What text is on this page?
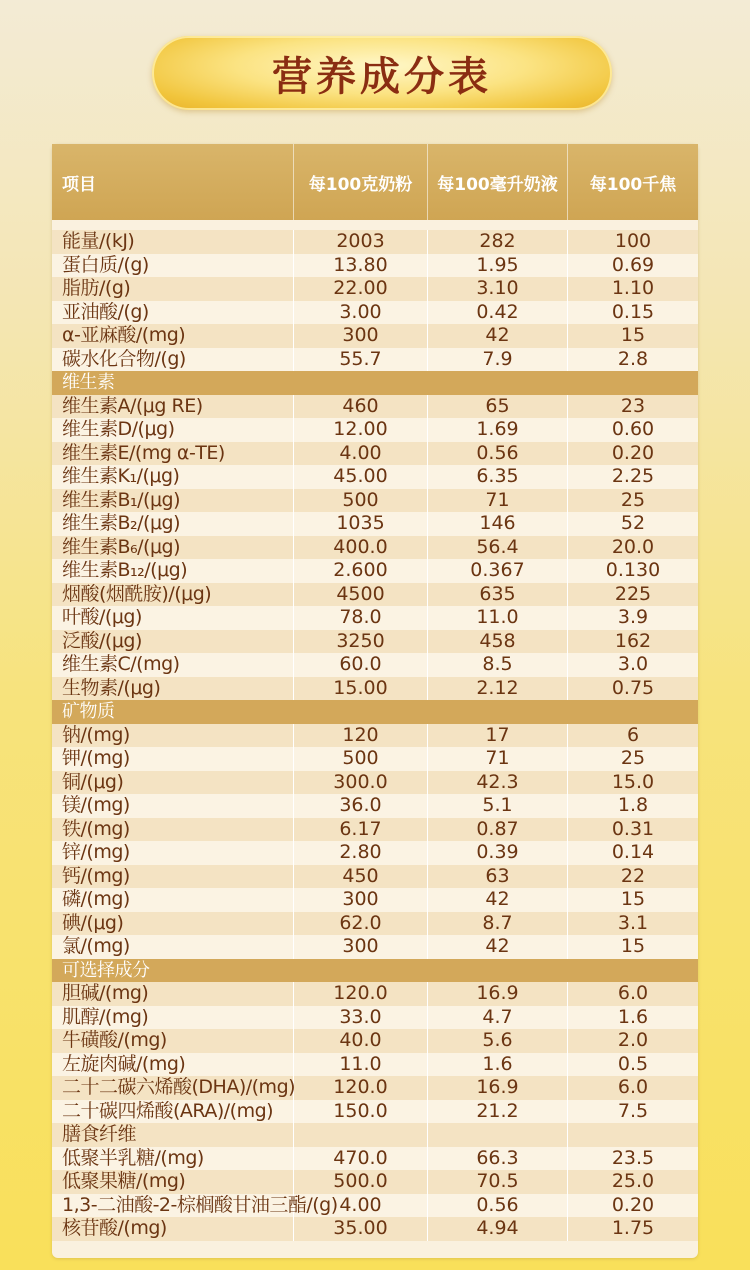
营养成分表
项目	每100克奶粉	每100毫升奶液	每100千焦
能量/(kJ)	2003	282	100
蛋白质/(g)	13.80	1.95	0.69
脂肪/(g)	22.00	3.10	1.10
亚油酸/(g)	3.00	0.42	0.15
α-亚麻酸/(mg)	300	42	15
碳水化合物/(g)	55.7	7.9	2.8
维生素
维生素A/(μg RE)	460	65	23
维生素D/(μg)	12.00	1.69	0.60
维生素E/(mg α-TE)	4.00	0.56	0.20
维生素K₁/(μg)	45.00	6.35	2.25
维生素B₁/(μg)	500	71	25
维生素B₂/(μg)	1035	146	52
维生素B₆/(μg)	400.0	56.4	20.0
维生素B₁₂/(μg)	2.600	0.367	0.130
烟酸(烟酰胺)/(μg)	4500	635	225
叶酸/(μg)	78.0	11.0	3.9
泛酸/(μg)	3250	458	162
维生素C/(mg)	60.0	8.5	3.0
生物素/(μg)	15.00	2.12	0.75
矿物质
钠/(mg)	120	17	6
钾/(mg)	500	71	25
铜/(μg)	300.0	42.3	15.0
镁/(mg)	36.0	5.1	1.8
铁/(mg)	6.17	0.87	0.31
锌/(mg)	2.80	0.39	0.14
钙/(mg)	450	63	22
磷/(mg)	300	42	15
碘/(μg)	62.0	8.7	3.1
氯/(mg)	300	42	15
可选择成分
胆碱/(mg)	120.0	16.9	6.0
肌醇/(mg)	33.0	4.7	1.6
牛磺酸/(mg)	40.0	5.6	2.0
左旋肉碱/(mg)	11.0	1.6	0.5
二十二碳六烯酸(DHA)/(mg)	120.0	16.9	6.0
二十碳四烯酸(ARA)/(mg)	150.0	21.2	7.5
膳食纤维
低聚半乳糖/(mg)	470.0	66.3	23.5
低聚果糖/(mg)	500.0	70.5	25.0
1,3-二油酸-2-棕榈酸甘油三酯/(g) 4.00	0.56	0.20
核苷酸/(mg)	35.00	4.94	1.75
